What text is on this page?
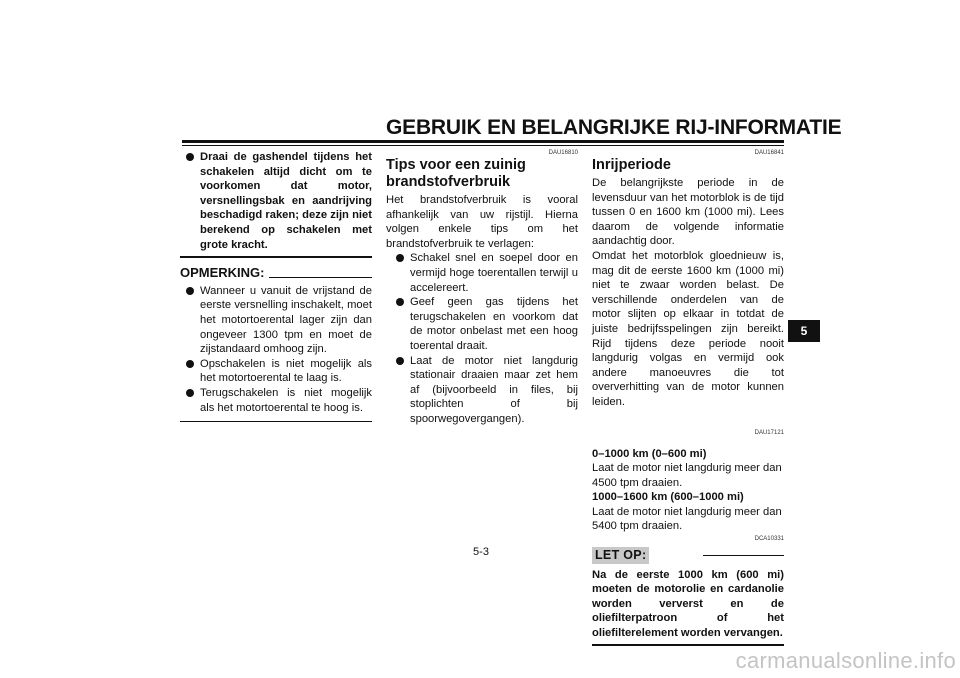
GEBRUIK EN BELANGRIJKE RIJ-INFORMATIE
Draai de gashendel tijdens het schakelen altijd dicht om te voorkomen dat motor, versnellingsbak en aandrijving beschadigd raken; deze zijn niet berekend op schakelen met grote kracht.
OPMERKING:
Wanneer u vanuit de vrijstand de eerste versnelling inschakelt, moet het motortoerental lager zijn dan ongeveer 1300 tpm en moet de zijstandaard omhoog zijn.
Opschakelen is niet mogelijk als het motortoerental te laag is.
Terugschakelen is niet mogelijk als het motortoerental te hoog is.
DAU16810
Tips voor een zuinig brandstofverbruik
Het brandstofverbruik is vooral afhankelijk van uw rijstijl. Hierna volgen enkele tips om het brandstofverbruik te verlagen:
Schakel snel en soepel door en vermijd hoge toerentallen terwijl u accelereert.
Geef geen gas tijdens het terugschakelen en voorkom dat de motor onbelast met een hoog toerental draait.
Laat de motor niet langdurig stationair draaien maar zet hem af (bijvoorbeeld in files, bij stoplichten of bij spoorwegovergangen).
DAU16841
Inrijperiode
De belangrijkste periode in de levensduur van het motorblok is de tijd tussen 0 en 1600 km (1000 mi). Lees daarom de volgende informatie aandachtig door.
Omdat het motorblok gloednieuw is, mag dit de eerste 1600 km (1000 mi) niet te zwaar worden belast. De verschillende onderdelen van de motor slijten op elkaar in totdat de juiste bedrijfsspelingen zijn bereikt. Rijd tijdens deze periode nooit langdurig volgas en vermijd ook andere manoeuvres die tot oververhitting van de motor kunnen leiden.
DAU17121
0–1000 km (0–600 mi)
Laat de motor niet langdurig meer dan 4500 tpm draaien.
1000–1600 km (600–1000 mi)
Laat de motor niet langdurig meer dan 5400 tpm draaien.
DCA10331
LET OP:
Na de eerste 1000 km (600 mi) moeten de motorolie en cardanolie worden ververst en de oliefilterpatroon of het oliefilterelement worden vervangen.
5
5-3
carmanualsonline.info
